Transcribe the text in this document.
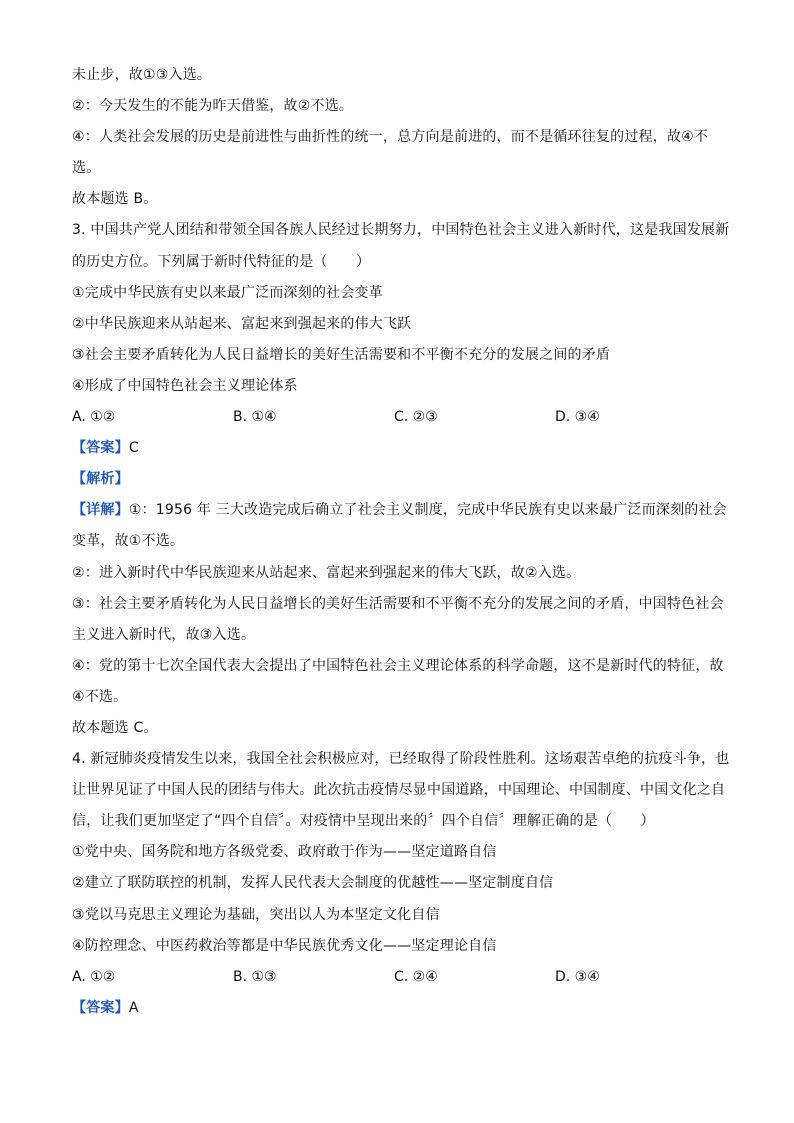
未止步，故①③入选。
②：今天发生的不能为昨天借鉴，故②不选。
④：人类社会发展的历史是前进性与曲折性的统一，总方向是前进的，而不是循环往复的过程，故④不
选。
故本题选 B。
3. 中国共产党人团结和带领全国各族人民经过长期努力，中国特色社会主义进入新时代，这是我国发展新
的历史方位。下列属于新时代特征的是（　　）
①完成中华民族有史以来最广泛而深刻的社会变革
②中华民族迎来从站起来、富起来到强起来的伟大飞跃
③社会主要矛盾转化为人民日益增长的美好生活需要和不平衡不充分的发展之间的矛盾
④形成了中国特色社会主义理论体系
A. ①②	B. ①④	C. ②③	D. ③④
【答案】C
【解析】
【详解】①：1956 年 三大改造完成后确立了社会主义制度，完成中华民族有史以来最广泛而深刻的社会
变革，故①不选。
②：进入新时代中华民族迎来从站起来、富起来到强起来的伟大飞跃，故②入选。
③：社会主要矛盾转化为人民日益增长的美好生活需要和不平衡不充分的发展之间的矛盾，中国特色社会
主义进入新时代，故③入选。
④：党的第十七次全国代表大会提出了中国特色社会主义理论体系的科学命题，这不是新时代的特征，故
④不选。
故本题选 C。
4. 新冠肺炎疫情发生以来，我国全社会积极应对，已经取得了阶段性胜利。这场艰苦卓绝的抗疫斗争，也
让世界见证了中国人民的团结与伟大。此次抗击疫情尽显中国道路，中国理论、中国制度、中国文化之自
信，让我们更加坚定了“四个自信〞。对疫情中呈现出来的〞四个自信〞理解正确的是（　　）
①党中央、国务院和地方各级党委、政府敢于作为——坚定道路自信
②建立了联防联控的机制，发挥人民代表大会制度的优越性——坚定制度自信
③党以马克思主义理论为基础，突出以人为本坚定文化自信
④防控理念、中医药救治等都是中华民族优秀文化——坚定理论自信
A. ①②	B. ①③	C. ②④	D. ③④
【答案】A
